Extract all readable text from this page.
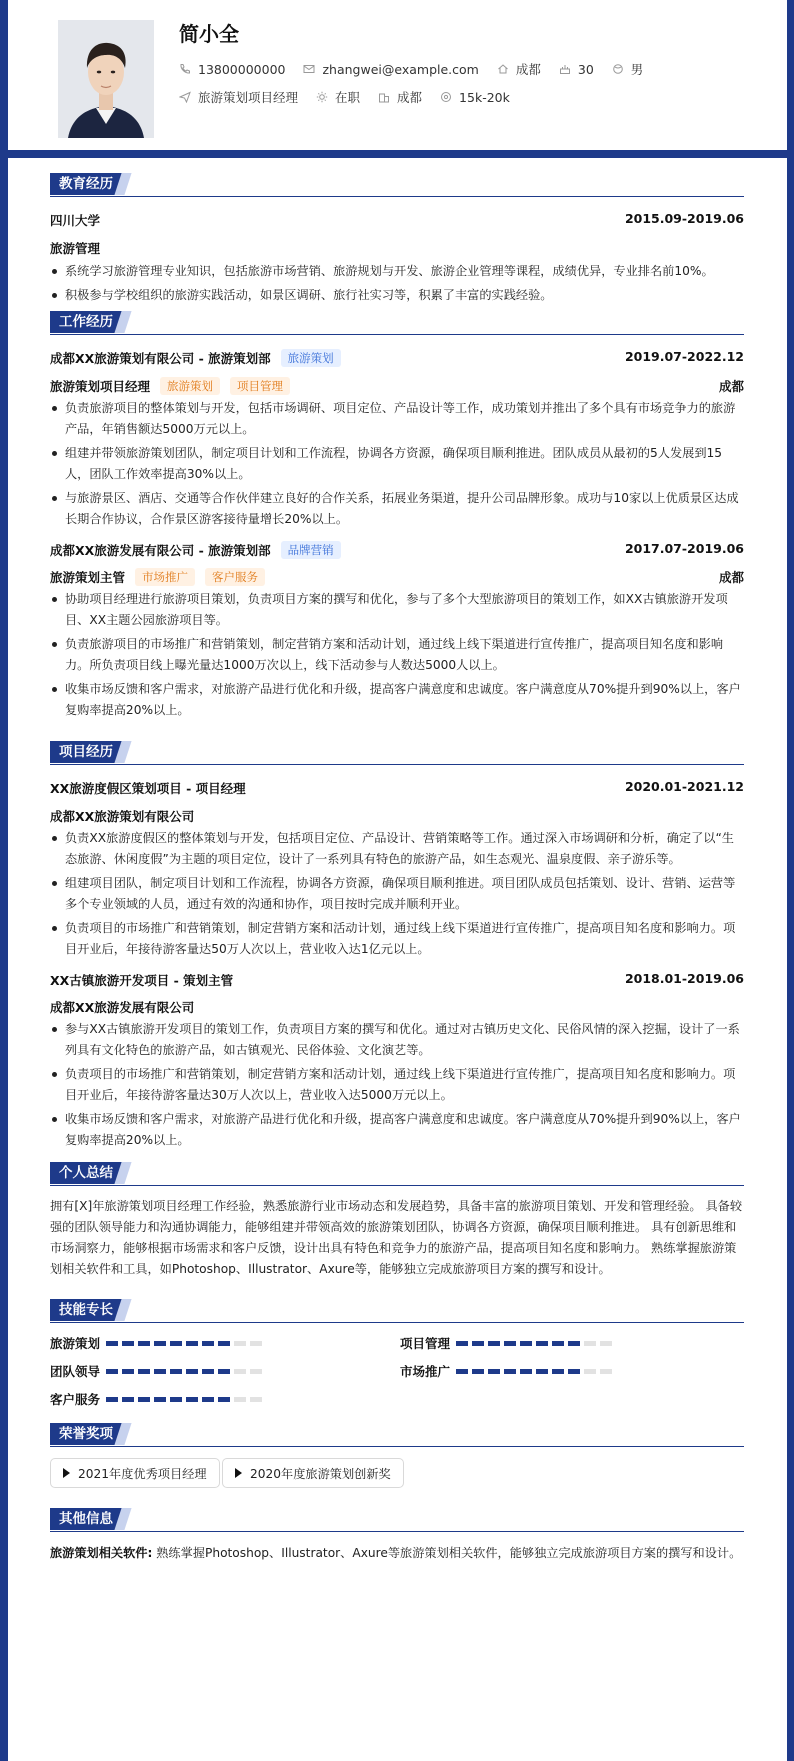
简小全
13800000000	zhangwei@example.com	成都	30	男
旅游策划项目经理	在职	成都	15k-20k
教育经历
四川大学	2015.09-2019.06
旅游管理
系统学习旅游管理专业知识，包括旅游市场营销、旅游规划与开发、旅游企业管理等课程，成绩优异，专业排名前10%。
积极参与学校组织的旅游实践活动，如景区调研、旅行社实习等，积累了丰富的实践经验。
工作经历
成都XX旅游策划有限公司 - 旅游策划部	旅游策划	2019.07-2022.12
旅游策划项目经理	旅游策划	项目管理	成都
负责旅游项目的整体策划与开发，包括市场调研、项目定位、产品设计等工作，成功策划并推出了多个具有市场竞争力的旅游产品，年销售额达5000万元以上。
组建并带领旅游策划团队，制定项目计划和工作流程，协调各方资源，确保项目顺利推进。团队成员从最初的5人发展到15人，团队工作效率提高30%以上。
与旅游景区、酒店、交通等合作伙伴建立良好的合作关系，拓展业务渠道，提升公司品牌形象。成功与10家以上优质景区达成长期合作协议，合作景区游客接待量增长20%以上。
成都XX旅游发展有限公司 - 旅游策划部	品牌营销	2017.07-2019.06
旅游策划主管	市场推广	客户服务	成都
协助项目经理进行旅游项目策划，负责项目方案的撰写和优化，参与了多个大型旅游项目的策划工作，如XX古镇旅游开发项目、XX主题公园旅游项目等。
负责旅游项目的市场推广和营销策划，制定营销方案和活动计划，通过线上线下渠道进行宣传推广，提高项目知名度和影响力。所负责项目线上曝光量达1000万次以上，线下活动参与人数达5000人以上。
收集市场反馈和客户需求，对旅游产品进行优化和升级，提高客户满意度和忠诚度。客户满意度从70%提升到90%以上，客户复购率提高20%以上。
项目经历
XX旅游度假区策划项目 - 项目经理	2020.01-2021.12
成都XX旅游策划有限公司
负责XX旅游度假区的整体策划与开发，包括项目定位、产品设计、营销策略等工作。通过深入市场调研和分析，确定了以“生态旅游、休闲度假”为主题的项目定位，设计了一系列具有特色的旅游产品，如生态观光、温泉度假、亲子游乐等。
组建项目团队，制定项目计划和工作流程，协调各方资源，确保项目顺利推进。项目团队成员包括策划、设计、营销、运营等多个专业领域的人员，通过有效的沟通和协作，项目按时完成并顺利开业。
负责项目的市场推广和营销策划，制定营销方案和活动计划，通过线上线下渠道进行宣传推广，提高项目知名度和影响力。项目开业后，年接待游客量达50万人次以上，营业收入达1亿元以上。
XX古镇旅游开发项目 - 策划主管	2018.01-2019.06
成都XX旅游发展有限公司
参与XX古镇旅游开发项目的策划工作，负责项目方案的撰写和优化。通过对古镇历史文化、民俗风情的深入挖掘，设计了一系列具有文化特色的旅游产品，如古镇观光、民俗体验、文化演艺等。
负责项目的市场推广和营销策划，制定营销方案和活动计划，通过线上线下渠道进行宣传推广，提高项目知名度和影响力。项目开业后，年接待游客量达30万人次以上，营业收入达5000万元以上。
收集市场反馈和客户需求，对旅游产品进行优化和升级，提高客户满意度和忠诚度。客户满意度从70%提升到90%以上，客户复购率提高20%以上。
个人总结
拥有[X]年旅游策划项目经理工作经验，熟悉旅游行业市场动态和发展趋势，具备丰富的旅游项目策划、开发和管理经验。 具备较强的团队领导能力和沟通协调能力，能够组建并带领高效的旅游策划团队，协调各方资源，确保项目顺利推进。 具有创新思维和市场洞察力，能够根据市场需求和客户反馈，设计出具有特色和竞争力的旅游产品，提高项目知名度和影响力。 熟练掌握旅游策划相关软件和工具，如Photoshop、Illustrator、Axure等，能够独立完成旅游项目方案的撰写和设计。
技能专长
旅游策划	项目管理
团队领导	市场推广
客户服务
荣誉奖项
2021年度优秀项目经理	2020年度旅游策划创新奖
其他信息
旅游策划相关软件: 熟练掌握Photoshop、Illustrator、Axure等旅游策划相关软件，能够独立完成旅游项目方案的撰写和设计。
